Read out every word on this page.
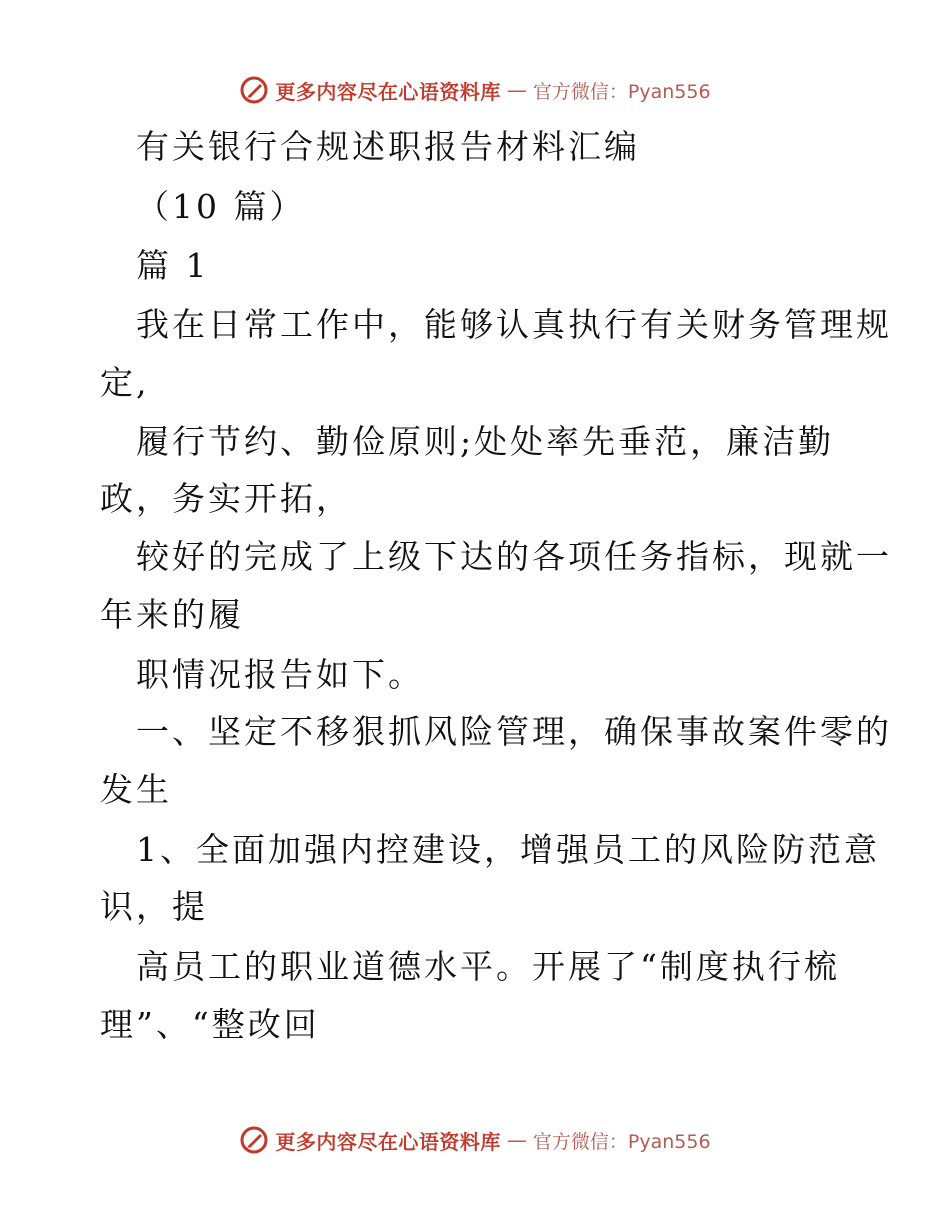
更多内容尽在心语资料库 — 官方微信：Pyan556
有关银行合规述职报告材料汇编
（10 篇）
篇 1
我在日常工作中，能够认真执行有关财务管理规
定,
履行节约、勤俭原则;处处率先垂范，廉洁勤
政，务实开拓，
较好的完成了上级下达的各项任务指标，现就一
年来的履
职情况报告如下。
一、坚定不移狠抓风险管理，确保事故案件零的
发生
1、全面加强内控建设，增强员工的风险防范意
识，提
高员工的职业道德水平。开展了“制度执行梳
理”、“整改回
更多内容尽在心语资料库 — 官方微信：Pyan556
